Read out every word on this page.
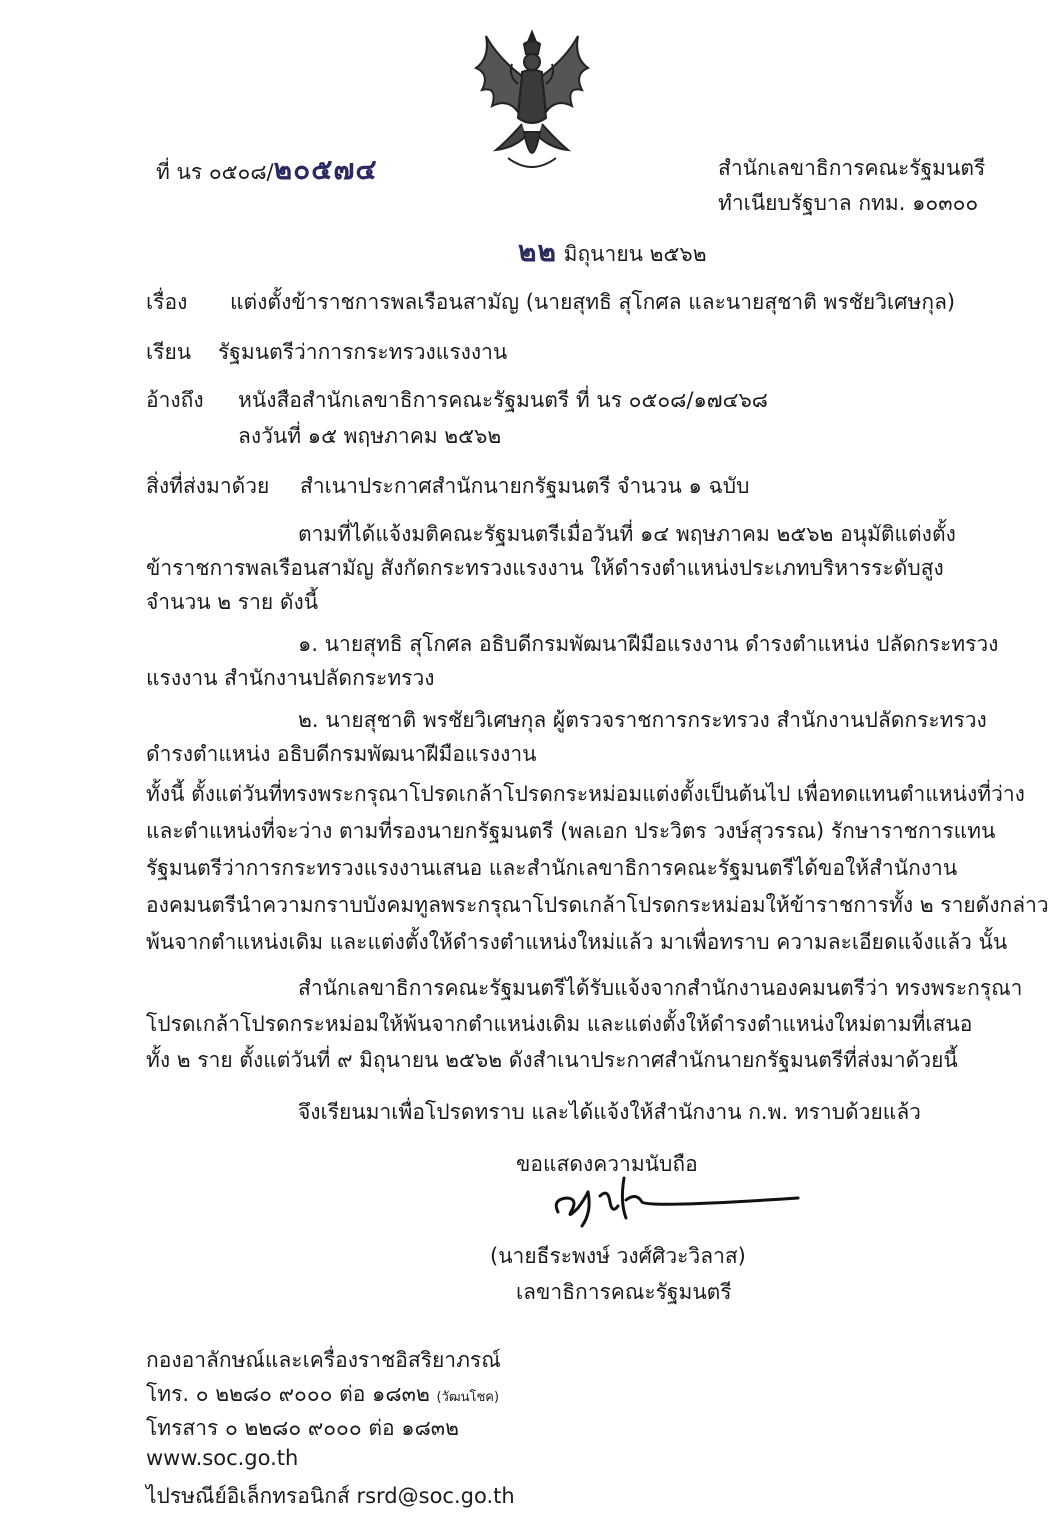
ที่ นร ๐๕๐๘/๒๐๕๗๔	สำนักเลขาธิการคณะรัฐมนตรี
ทำเนียบรัฐบาล กทม. ๑๐๓๐๐
๒๒ มิถุนายน ๒๕๖๒
เรื่อง แต่งตั้งข้าราชการพลเรือนสามัญ (นายสุทธิ สุโกศล และนายสุชาติ พรชัยวิเศษกุล)
เรียน รัฐมนตรีว่าการกระทรวงแรงงาน
อ้างถึง หนังสือสำนักเลขาธิการคณะรัฐมนตรี ที่ นร ๐๕๐๘/๑๗๔๖๘
ลงวันที่ ๑๕ พฤษภาคม ๒๕๖๒
สิ่งที่ส่งมาด้วย สำเนาประกาศสำนักนายกรัฐมนตรี จำนวน ๑ ฉบับ
ตามที่ได้แจ้งมติคณะรัฐมนตรีเมื่อวันที่ ๑๔ พฤษภาคม ๒๕๖๒ อนุมัติแต่งตั้ง
ข้าราชการพลเรือนสามัญ สังกัดกระทรวงแรงงาน ให้ดำรงตำแหน่งประเภทบริหารระดับสูง
จำนวน ๒ ราย ดังนี้
๑. นายสุทธิ สุโกศล อธิบดีกรมพัฒนาฝีมือแรงงาน ดำรงตำแหน่ง ปลัดกระทรวง
แรงงาน สำนักงานปลัดกระทรวง
๒. นายสุชาติ พรชัยวิเศษกุล ผู้ตรวจราชการกระทรวง สำนักงานปลัดกระทรวง
ดำรงตำแหน่ง อธิบดีกรมพัฒนาฝีมือแรงงาน
ทั้งนี้ ตั้งแต่วันที่ทรงพระกรุณาโปรดเกล้าโปรดกระหม่อมแต่งตั้งเป็นต้นไป เพื่อทดแทนตำแหน่งที่ว่าง
และตำแหน่งที่จะว่าง ตามที่รองนายกรัฐมนตรี (พลเอก ประวิตร วงษ์สุวรรณ) รักษาราชการแทน
รัฐมนตรีว่าการกระทรวงแรงงานเสนอ และสำนักเลขาธิการคณะรัฐมนตรีได้ขอให้สำนักงาน
องคมนตรีนำความกราบบังคมทูลพระกรุณาโปรดเกล้าโปรดกระหม่อมให้ข้าราชการทั้ง ๒ รายดังกล่าว
พ้นจากตำแหน่งเดิม และแต่งตั้งให้ดำรงตำแหน่งใหม่แล้ว มาเพื่อทราบ ความละเอียดแจ้งแล้ว นั้น
สำนักเลขาธิการคณะรัฐมนตรีได้รับแจ้งจากสำนักงานองคมนตรีว่า ทรงพระกรุณา
โปรดเกล้าโปรดกระหม่อมให้พ้นจากตำแหน่งเดิม และแต่งตั้งให้ดำรงตำแหน่งใหม่ตามที่เสนอ
ทั้ง ๒ ราย ตั้งแต่วันที่ ๙ มิถุนายน ๒๕๖๒ ดังสำเนาประกาศสำนักนายกรัฐมนตรีที่ส่งมาด้วยนี้
จึงเรียนมาเพื่อโปรดทราบ และได้แจ้งให้สำนักงาน ก.พ. ทราบด้วยแล้ว
ขอแสดงความนับถือ
(นายธีระพงษ์ วงศ์ศิวะวิลาส)
เลขาธิการคณะรัฐมนตรี
กองอาลักษณ์และเครื่องราชอิสริยาภรณ์
โทร. ๐ ๒๒๘๐ ๙๐๐๐ ต่อ ๑๘๓๒ (วัฒนโชค)
โทรสาร ๐ ๒๒๘๐ ๙๐๐๐ ต่อ ๑๘๓๒
www.soc.go.th
ไปรษณีย์อิเล็กทรอนิกส์ rsrd@soc.go.th
